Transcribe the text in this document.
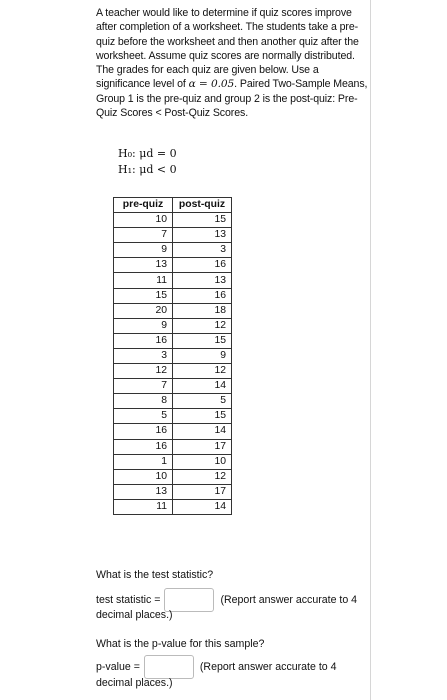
A teacher would like to determine if quiz scores improve after completion of a worksheet. The students take a pre-quiz before the worksheet and then another quiz after the worksheet. Assume quiz scores are normally distributed. The grades for each quiz are given below. Use a significance level of α = 0.05. Paired Two-Sample Means, Group 1 is the pre-quiz and group 2 is the post-quiz: Pre-Quiz Scores < Post-Quiz Scores.
H₀: μd = 0
H₁: μd < 0
pre-quiz	post-quiz
10	15
7	13
9	3
13	16
11	13
15	16
20	18
9	12
16	15
3	9
12	12
7	14
8	5
5	15
16	14
16	17
1	10
10	12
13	17
11	14
What is the test statistic?
test statistic =	(Report answer accurate to 4
decimal places.)
What is the p-value for this sample?
p-value =	(Report answer accurate to 4
decimal places.)
